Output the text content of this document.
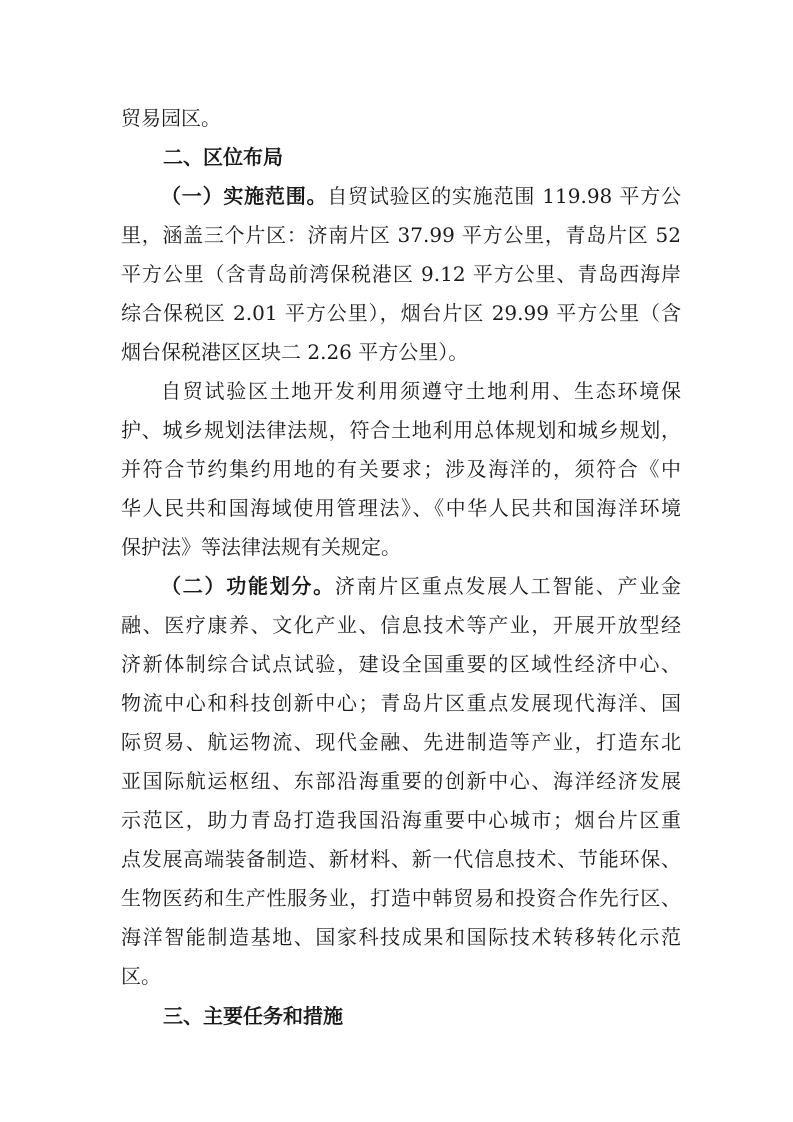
贸易园区。
二、区位布局
（一）实施范围。自贸试验区的实施范围 119.98 平方公
里，涵盖三个片区：济南片区 37.99 平方公里，青岛片区 52
平方公里（含青岛前湾保税港区 9.12 平方公里、青岛西海岸
综合保税区 2.01 平方公里），烟台片区 29.99 平方公里（含
烟台保税港区区块二 2.26 平方公里）。
自贸试验区土地开发利用须遵守土地利用、生态环境保
护、城乡规划法律法规，符合土地利用总体规划和城乡规划，
并符合节约集约用地的有关要求；涉及海洋的，须符合《中
华人民共和国海域使用管理法》、《中华人民共和国海洋环境
保护法》等法律法规有关规定。
（二）功能划分。济南片区重点发展人工智能、产业金
融、医疗康养、文化产业、信息技术等产业，开展开放型经
济新体制综合试点试验，建设全国重要的区域性经济中心、
物流中心和科技创新中心；青岛片区重点发展现代海洋、国
际贸易、航运物流、现代金融、先进制造等产业，打造东北
亚国际航运枢纽、东部沿海重要的创新中心、海洋经济发展
示范区，助力青岛打造我国沿海重要中心城市；烟台片区重
点发展高端装备制造、新材料、新一代信息技术、节能环保、
生物医药和生产性服务业，打造中韩贸易和投资合作先行区、
海洋智能制造基地、国家科技成果和国际技术转移转化示范
区。
三、主要任务和措施
